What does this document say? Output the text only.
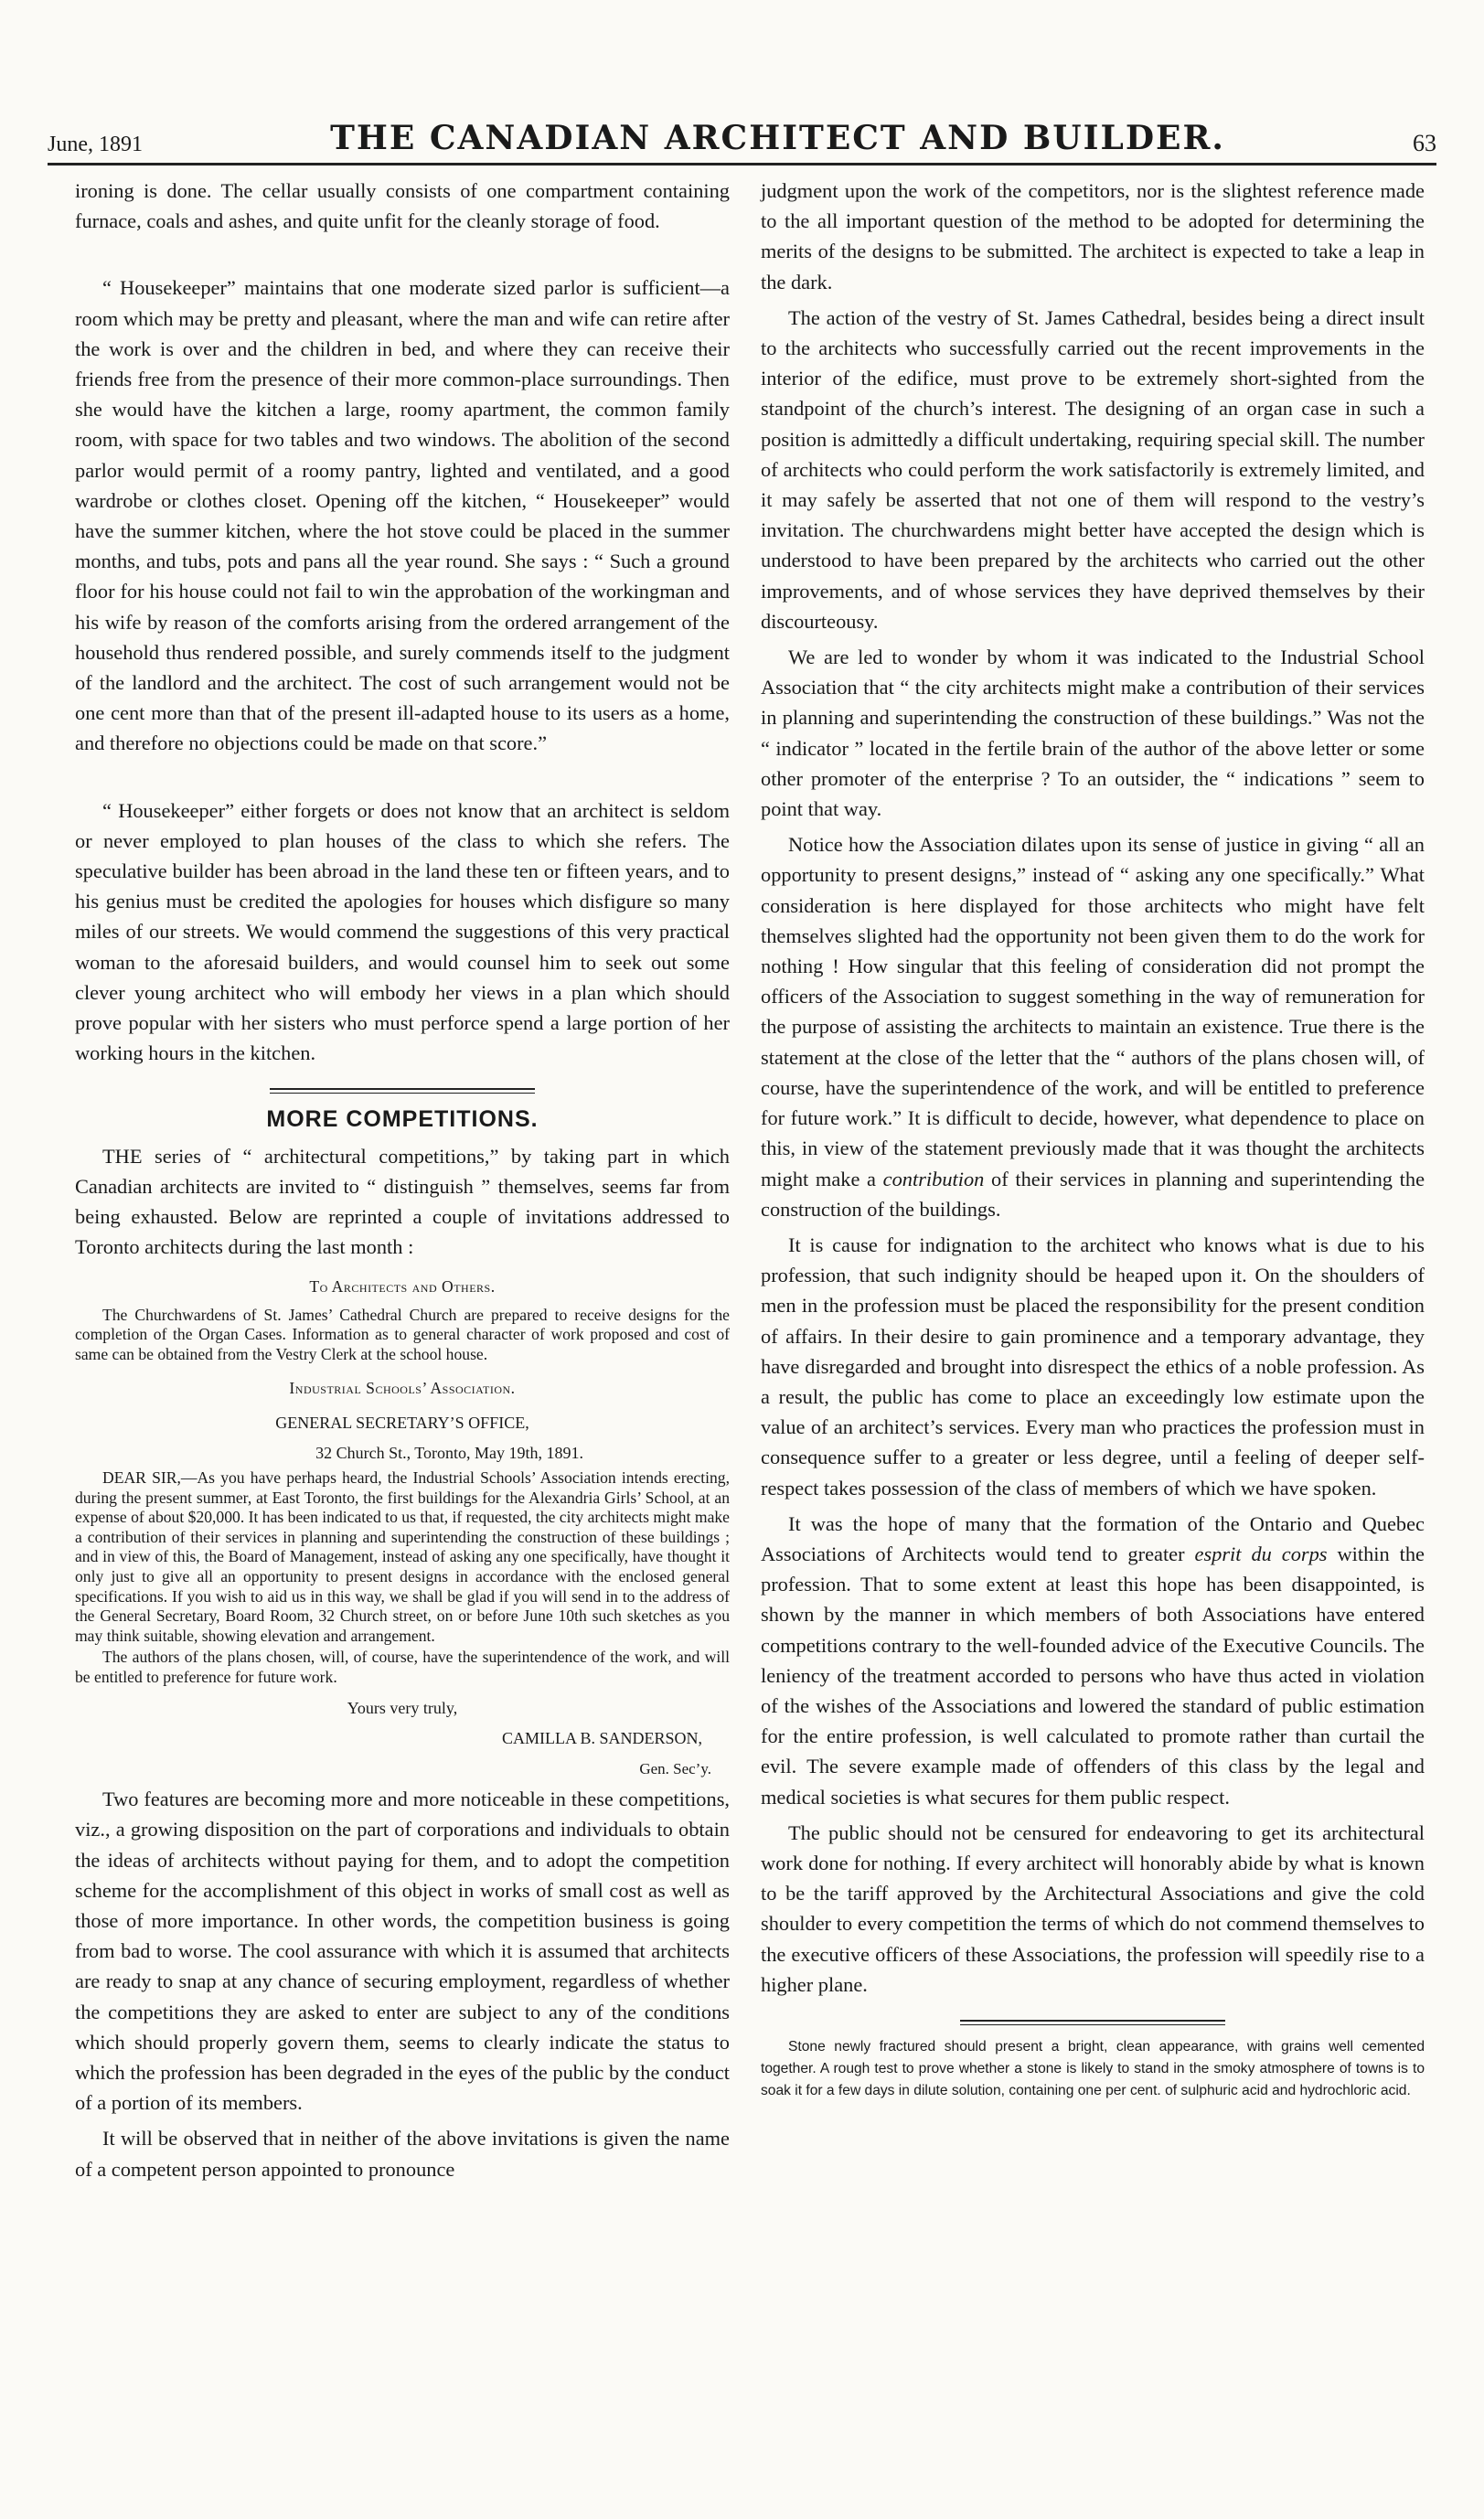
June, 1891	THE CANADIAN ARCHITECT AND BUILDER.	63

ironing is done. The cellar usually consists of one compartment containing furnace, coals and ashes, and quite unfit for the cleanly storage of food.

“ Housekeeper” maintains that one moderate sized parlor is sufficient—a room which may be pretty and pleasant, where the man and wife can retire after the work is over and the children in bed, and where they can receive their friends free from the presence of their more common-place surroundings. Then she would have the kitchen a large, roomy apartment, the common family room, with space for two tables and two windows. The abolition of the second parlor would permit of a roomy pantry, lighted and ventilated, and a good wardrobe or clothes closet. Opening off the kitchen, “ Housekeeper” would have the summer kitchen, where the hot stove could be placed in the summer months, and tubs, pots and pans all the year round. She says : “ Such a ground floor for his house could not fail to win the approbation of the workingman and his wife by reason of the comforts arising from the ordered arrangement of the household thus rendered possible, and surely commends itself to the judgment of the landlord and the architect. The cost of such arrangement would not be one cent more than that of the present ill-adapted house to its users as a home, and therefore no objections could be made on that score.”

“ Housekeeper” either forgets or does not know that an architect is seldom or never employed to plan houses of the class to which she refers. The speculative builder has been abroad in the land these ten or fifteen years, and to his genius must be credited the apologies for houses which disfigure so many miles of our streets. We would commend the suggestions of this very practical woman to the aforesaid builders, and would counsel him to seek out some clever young architect who will embody her views in a plan which should prove popular with her sisters who must perforce spend a large portion of her working hours in the kitchen.

MORE COMPETITIONS.

THE series of “ architectural competitions,” by taking part in which Canadian architects are invited to “ distinguish ” themselves, seems far from being exhausted. Below are reprinted a couple of invitations addressed to Toronto architects during the last month :

To Architects and Others.

The Churchwardens of St. James’ Cathedral Church are prepared to receive designs for the completion of the Organ Cases. Information as to general character of work proposed and cost of same can be obtained from the Vestry Clerk at the school house.

Industrial Schools’ Association.
GENERAL SECRETARY’S OFFICE,
32 Church St., Toronto, May 19th, 1891.

DEAR SIR,—As you have perhaps heard, the Industrial Schools’ Association intends erecting, during the present summer, at East Toronto, the first buildings for the Alexandria Girls’ School, at an expense of about $20,000. It has been indicated to us that, if requested, the city architects might make a contribution of their services in planning and superintending the construction of these buildings ; and in view of this, the Board of Management, instead of asking any one specifically, have thought it only just to give all an opportunity to present designs in accordance with the enclosed general specifications. If you wish to aid us in this way, we shall be glad if you will send in to the address of the General Secretary, Board Room, 32 Church street, on or before June 10th such sketches as you may think suitable, showing elevation and arrangement.

The authors of the plans chosen, will, of course, have the superintendence of the work, and will be entitled to preference for future work.

Yours very truly,
CAMILLA B. SANDERSON,
Gen. Sec’y.

Two features are becoming more and more noticeable in these competitions, viz., a growing disposition on the part of corporations and individuals to obtain the ideas of architects without paying for them, and to adopt the competition scheme for the accomplishment of this object in works of small cost as well as those of more importance. In other words, the competition business is going from bad to worse. The cool assurance with which it is assumed that architects are ready to snap at any chance of securing employment, regardless of whether the competitions they are asked to enter are subject to any of the conditions which should properly govern them, seems to clearly indicate the status to which the profession has been degraded in the eyes of the public by the conduct of a portion of its members.

It will be observed that in neither of the above invitations is given the name of a competent person appointed to pronounce

judgment upon the work of the competitors, nor is the slightest reference made to the all important question of the method to be adopted for determining the merits of the designs to be submitted. The architect is expected to take a leap in the dark.

The action of the vestry of St. James Cathedral, besides being a direct insult to the architects who successfully carried out the recent improvements in the interior of the edifice, must prove to be extremely short-sighted from the standpoint of the church’s interest. The designing of an organ case in such a position is admittedly a difficult undertaking, requiring special skill. The number of architects who could perform the work satisfactorily is extremely limited, and it may safely be asserted that not one of them will respond to the vestry’s invitation. The churchwardens might better have accepted the design which is understood to have been prepared by the architects who carried out the other improvements, and of whose services they have deprived themselves by their discourteousy.

We are led to wonder by whom it was indicated to the Industrial School Association that “ the city architects might make a contribution of their services in planning and superintending the construction of these buildings.” Was not the “ indicator ” located in the fertile brain of the author of the above letter or some other promoter of the enterprise ? To an outsider, the “ indications ” seem to point that way.

Notice how the Association dilates upon its sense of justice in giving “ all an opportunity to present designs,” instead of “ asking any one specifically.” What consideration is here displayed for those architects who might have felt themselves slighted had the opportunity not been given them to do the work for nothing ! How singular that this feeling of consideration did not prompt the officers of the Association to suggest something in the way of remuneration for the purpose of assisting the architects to maintain an existence. True there is the statement at the close of the letter that the “ authors of the plans chosen will, of course, have the superintendence of the work, and will be entitled to preference for future work.” It is difficult to decide, however, what dependence to place on this, in view of the statement previously made that it was thought the architects might make a contribution of their services in planning and superintending the construction of the buildings.

It is cause for indignation to the architect who knows what is due to his profession, that such indignity should be heaped upon it. On the shoulders of men in the profession must be placed the responsibility for the present condition of affairs. In their desire to gain prominence and a temporary advantage, they have disregarded and brought into disrespect the ethics of a noble profession. As a result, the public has come to place an exceedingly low estimate upon the value of an architect’s services. Every man who practices the profession must in consequence suffer to a greater or less degree, until a feeling of deeper self-respect takes possession of the class of members of which we have spoken.

It was the hope of many that the formation of the Ontario and Quebec Associations of Architects would tend to greater esprit du corps within the profession. That to some extent at least this hope has been disappointed, is shown by the manner in which members of both Associations have entered competitions contrary to the well-founded advice of the Executive Councils. The leniency of the treatment accorded to persons who have thus acted in violation of the wishes of the Associations and lowered the standard of public estimation for the entire profession, is well calculated to promote rather than curtail the evil. The severe example made of offenders of this class by the legal and medical societies is what secures for them public respect.

The public should not be censured for endeavoring to get its architectural work done for nothing. If every architect will honorably abide by what is known to be the tariff approved by the Architectural Associations and give the cold shoulder to every competition the terms of which do not commend themselves to the executive officers of these Associations, the profession will speedily rise to a higher plane.

Stone newly fractured should present a bright, clean appearance, with grains well cemented together. A rough test to prove whether a stone is likely to stand in the smoky atmosphere of towns is to soak it for a few days in dilute solution, containing one per cent. of sulphuric acid and hydrochloric acid.
